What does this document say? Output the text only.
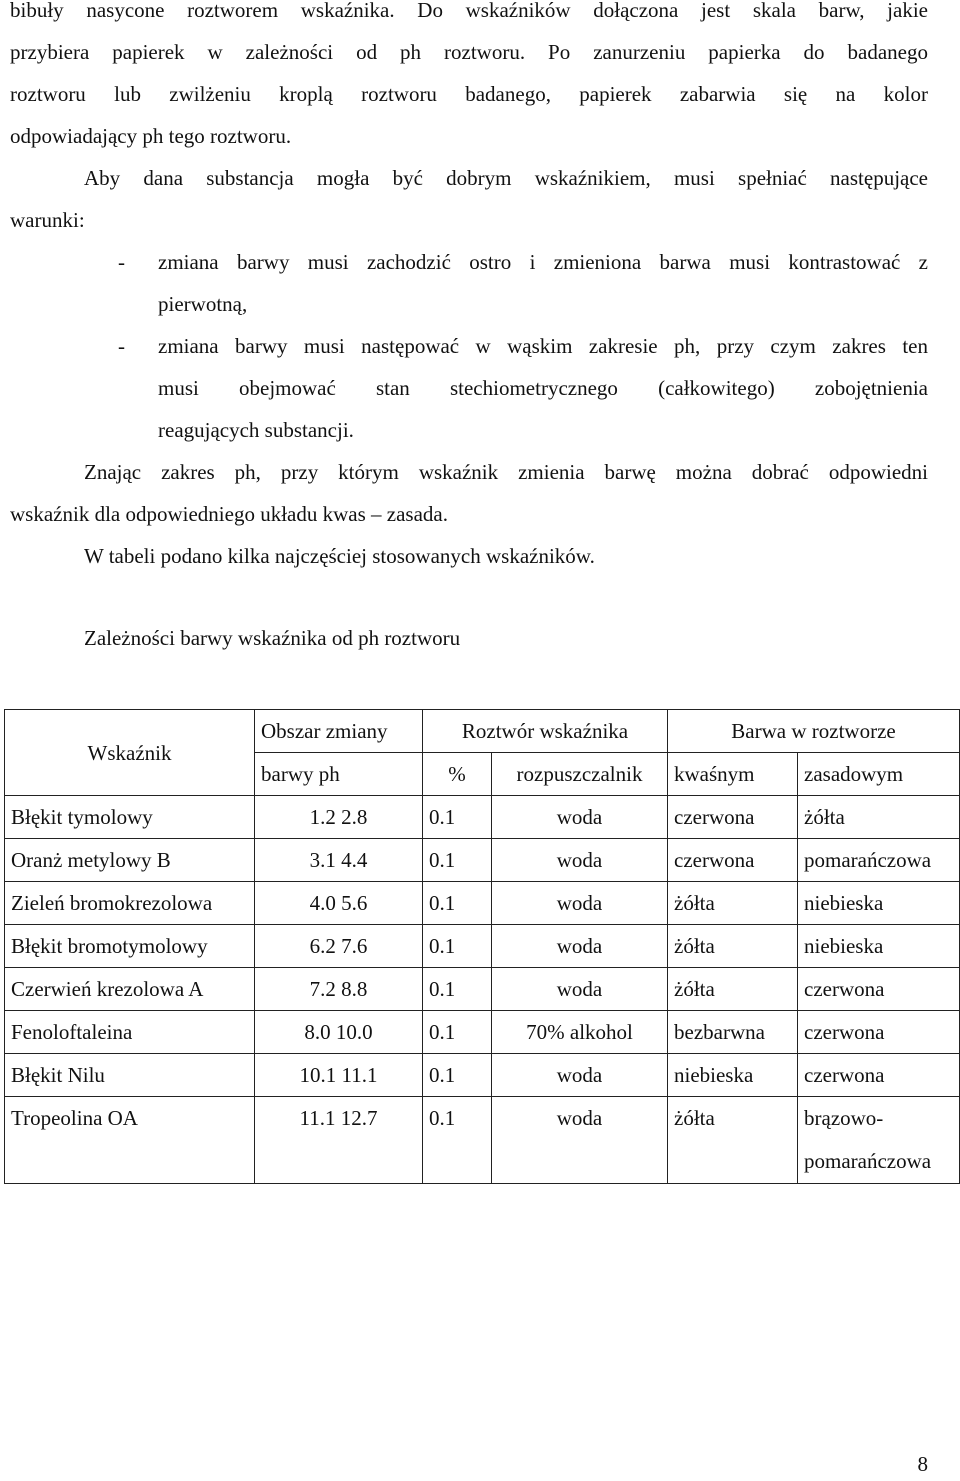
bibuły nasycone roztworem wskaźnika. Do wskaźników dołączona jest skala barw, jakie
przybiera papierek w zależności od ph roztworu. Po zanurzeniu papierka do badanego
roztworu lub zwilżeniu kroplą roztworu badanego, papierek zabarwia się na kolor
odpowiadający ph tego roztworu.
Aby dana substancja mogła być dobrym wskaźnikiem, musi spełniać następujące
warunki:
-	zmiana barwy musi zachodzić ostro i zmieniona barwa musi kontrastować z
pierwotną,
-	zmiana barwy musi następować w wąskim zakresie ph, przy czym zakres ten
musi obejmować stan stechiometrycznego (całkowitego) zobojętnienia
reagujących substancji.
Znając zakres ph, przy którym wskaźnik zmienia barwę można dobrać odpowiedni
wskaźnik dla odpowiedniego układu kwas – zasada.
W tabeli podano kilka najczęściej stosowanych wskaźników.
Zależności barwy wskaźnika od ph roztworu
Wskaźnik	Obszar zmiany	Roztwór wskaźnika		Barwa w roztworze	
	barwy ph	%	rozpuszczalnik	kwaśnym	zasadowym
Błękit tymolowy	1.2 2.8	0.1	woda	czerwona	żółta
Oranż metylowy B	3.1 4.4	0.1	woda	czerwona	pomarańczowa
Zieleń bromokrezolowa	4.0 5.6	0.1	woda	żółta	niebieska
Błękit bromotymolowy	6.2 7.6	0.1	woda	żółta	niebieska
Czerwień krezolowa A	7.2 8.8	0.1	woda	żółta	czerwona
Fenoloftaleina	8.0 10.0	0.1	70% alkohol	bezbarwna	czerwona
Błękit Nilu	10.1 11.1	0.1	woda	niebieska	czerwona
Tropeolina OA	11.1 12.7	0.1	woda	żółta	brązowo-
pomarańczowa
8
